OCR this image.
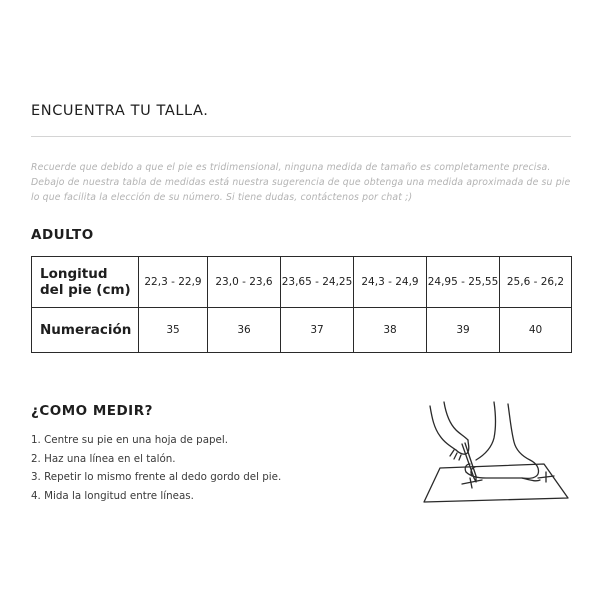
ENCUENTRA TU TALLA.
Recuerde que debido a que el pie es tridimensional, ninguna medida de tamaño es completamente precisa. Debajo de nuestra tabla de medidas está nuestra sugerencia de que obtenga una medida aproximada de su pie lo que facilita la elección de su número. Si tiene dudas, contáctenos por chat ;)
ADULTO
Longitud
del pie (cm)	22,3 - 22,9	23,0 - 23,6	23,65 - 24,25	24,3 - 24,9	24,95 - 25,55	25,6 - 26,2
Numeración	35	36	37	38	39	40
¿COMO MEDIR?
1. Centre su pie en una hoja de papel.
2. Haz una línea en el talón.
3. Repetir lo mismo frente al dedo gordo del pie.
4. Mida la longitud entre líneas.
